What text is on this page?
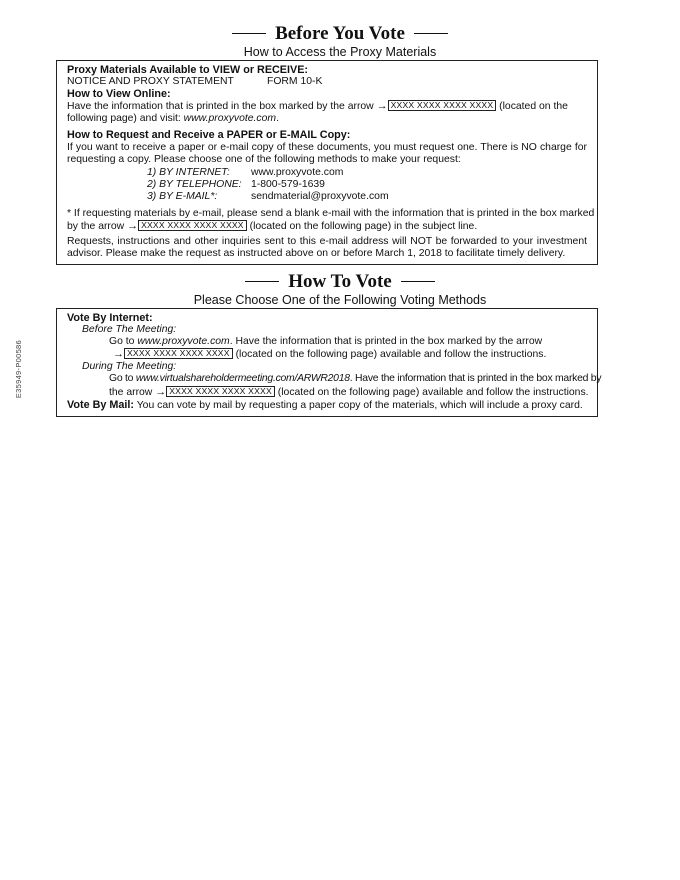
E35949-P00586
Before You Vote
How to Access the Proxy Materials
Proxy Materials Available to VIEW or RECEIVE:
NOTICE AND PROXY STATEMENT	FORM 10-K
How to View Online:
Have the information that is printed in the box marked by the arrow → XXXX XXXX XXXX XXXX (located on the
following page) and visit: www.proxyvote.com.
How to Request and Receive a PAPER or E-MAIL Copy:
If you want to receive a paper or e-mail copy of these documents, you must request one. There is NO charge for requesting a copy. Please choose one of the following methods to make your request:
1) BY INTERNET: www.proxyvote.com
2) BY TELEPHONE: 1-800-579-1639
3) BY E-MAIL*:	sendmaterial@proxyvote.com
* If requesting materials by e-mail, please send a blank e-mail with the information that is printed in the box marked
by the arrow → XXXX XXXX XXXX XXXX (located on the following page) in the subject line.
Requests, instructions and other inquiries sent to this e-mail address will NOT be forwarded to your investment advisor. Please make the request as instructed above on or before March 1, 2018 to facilitate timely delivery.
How To Vote
Please Choose One of the Following Voting Methods
Vote By Internet:
Before The Meeting:
Go to www.proxyvote.com. Have the information that is printed in the box marked by the arrow
→ XXXX XXXX XXXX XXXX (located on the following page) available and follow the instructions.
During The Meeting:
Go to www.virtualshareholdermeeting.com/ARWR2018. Have the information that is printed in the box marked by
the arrow → XXXX XXXX XXXX XXXX (located on the following page) available and follow the instructions.
Vote By Mail: You can vote by mail by requesting a paper copy of the materials, which will include a proxy card.
